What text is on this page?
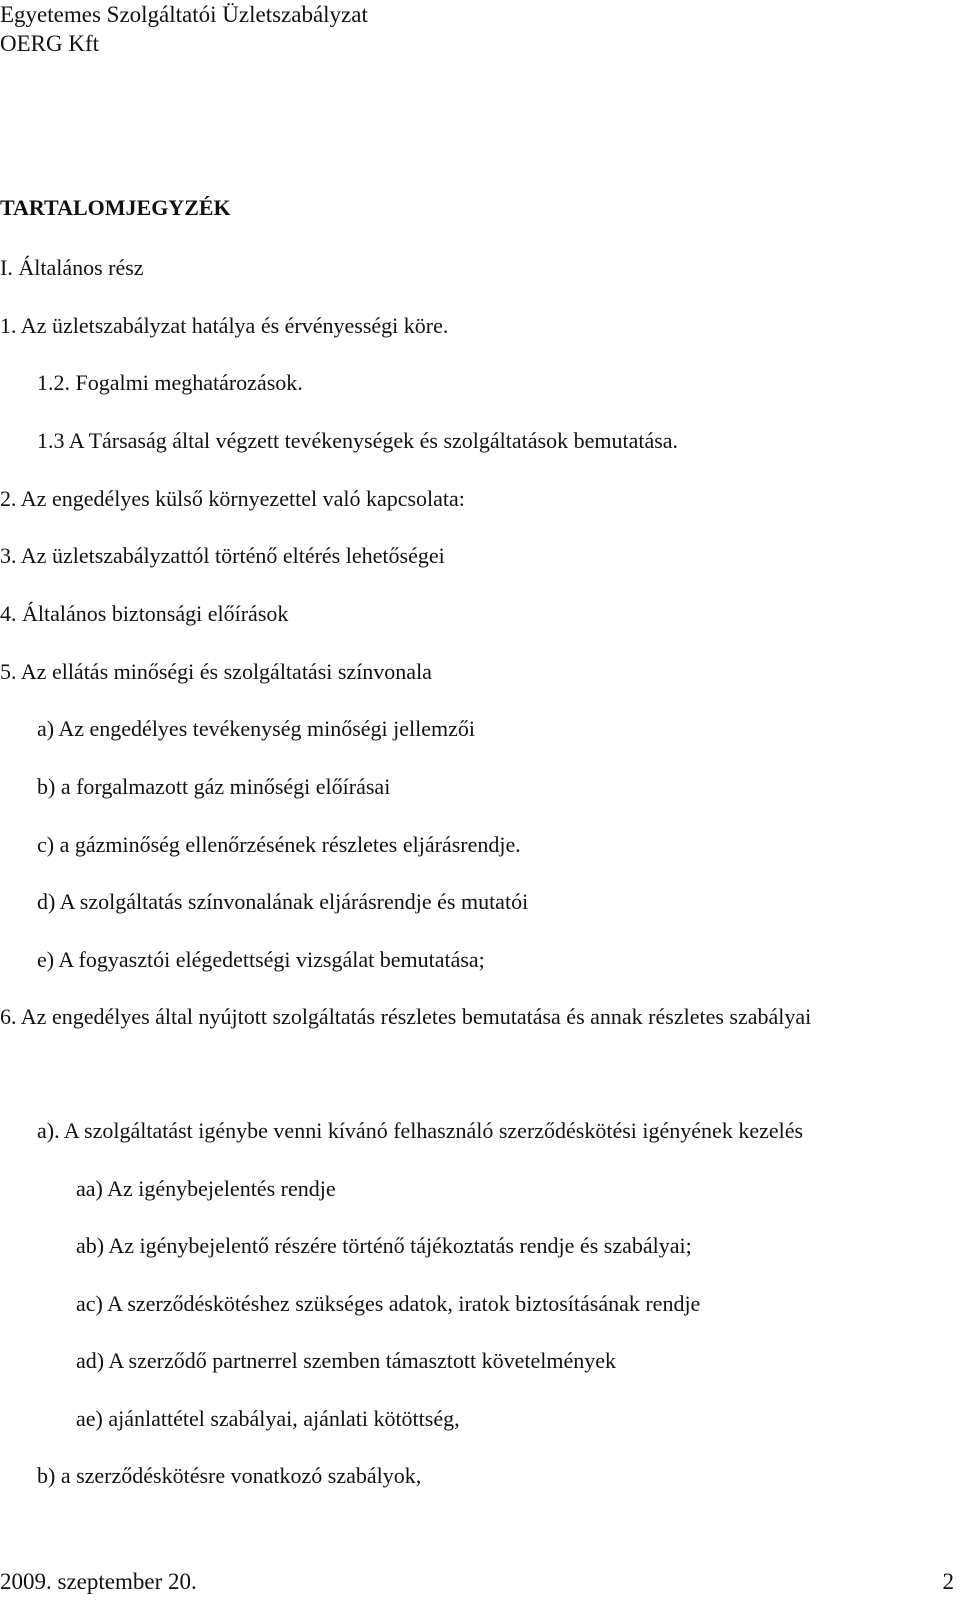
Egyetemes Szolgáltatói Üzletszabályzat
OERG Kft
TARTALOMJEGYZÉK
I. Általános rész
1. Az üzletszabályzat hatálya és érvényességi köre.
1.2. Fogalmi meghatározások.
1.3 A Társaság által végzett tevékenységek és szolgáltatások bemutatása.
2. Az engedélyes külső környezettel való kapcsolata:
3. Az üzletszabályzattól történő eltérés lehetőségei
4. Általános biztonsági előírások
5. Az ellátás minőségi és szolgáltatási színvonala
a) Az engedélyes tevékenység minőségi jellemzői
b) a forgalmazott gáz minőségi előírásai
c) a gázminőség ellenőrzésének részletes eljárásrendje.
d) A szolgáltatás színvonalának eljárásrendje és mutatói
e) A fogyasztói elégedettségi vizsgálat bemutatása;
6. Az engedélyes által nyújtott szolgáltatás részletes bemutatása és annak részletes szabályai
a). A szolgáltatást igénybe venni kívánó felhasználó szerződéskötési igényének kezelés
aa) Az igénybejelentés rendje
ab) Az igénybejelentő részére történő tájékoztatás rendje és szabályai;
ac) A szerződéskötéshez szükséges adatok, iratok biztosításának rendje
ad) A szerződő partnerrel szemben támasztott követelmények
ae) ajánlattétel szabályai, ajánlati kötöttség,
b) a szerződéskötésre vonatkozó szabályok,
2009. szeptember 20.	2
